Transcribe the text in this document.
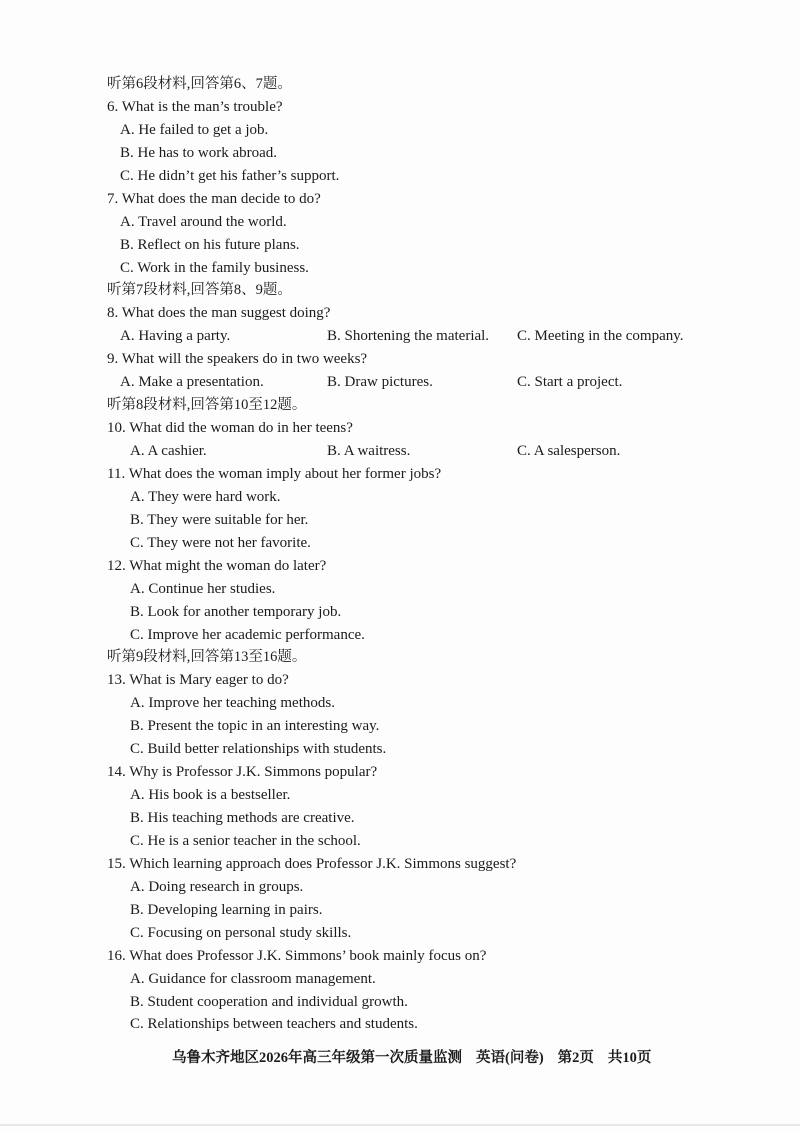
听第6段材料,回答第6、7题。
6. What is the man’s trouble?
A. He failed to get a job.
B. He has to work abroad.
C. He didn’t get his father’s support.
7. What does the man decide to do?
A. Travel around the world.
B. Reflect on his future plans.
C. Work in the family business.
听第7段材料,回答第8、9题。
8. What does the man suggest doing?
A. Having a party.	B. Shortening the material. C. Meeting in the company.
9. What will the speakers do in two weeks?
A. Make a presentation.	B. Draw pictures.	C. Start a project.
听第8段材料,回答第10至12题。
10. What did the woman do in her teens?
A. A cashier.	B. A waitress.	C. A salesperson.
11. What does the woman imply about her former jobs?
A. They were hard work.
B. They were suitable for her.
C. They were not her favorite.
12. What might the woman do later?
A. Continue her studies.
B. Look for another temporary job.
C. Improve her academic performance.
听第9段材料,回答第13至16题。
13. What is Mary eager to do?
A. Improve her teaching methods.
B. Present the topic in an interesting way.
C. Build better relationships with students.
14. Why is Professor J.K. Simmons popular?
A. His book is a bestseller.
B. His teaching methods are creative.
C. He is a senior teacher in the school.
15. Which learning approach does Professor J.K. Simmons suggest?
A. Doing research in groups.
B. Developing learning in pairs.
C. Focusing on personal study skills.
16. What does Professor J.K. Simmons’ book mainly focus on?
A. Guidance for classroom management.
B. Student cooperation and individual growth.
C. Relationships between teachers and students.
乌鲁木齐地区2026年高三年级第一次质量监测 英语(问卷) 第2页 共10页
